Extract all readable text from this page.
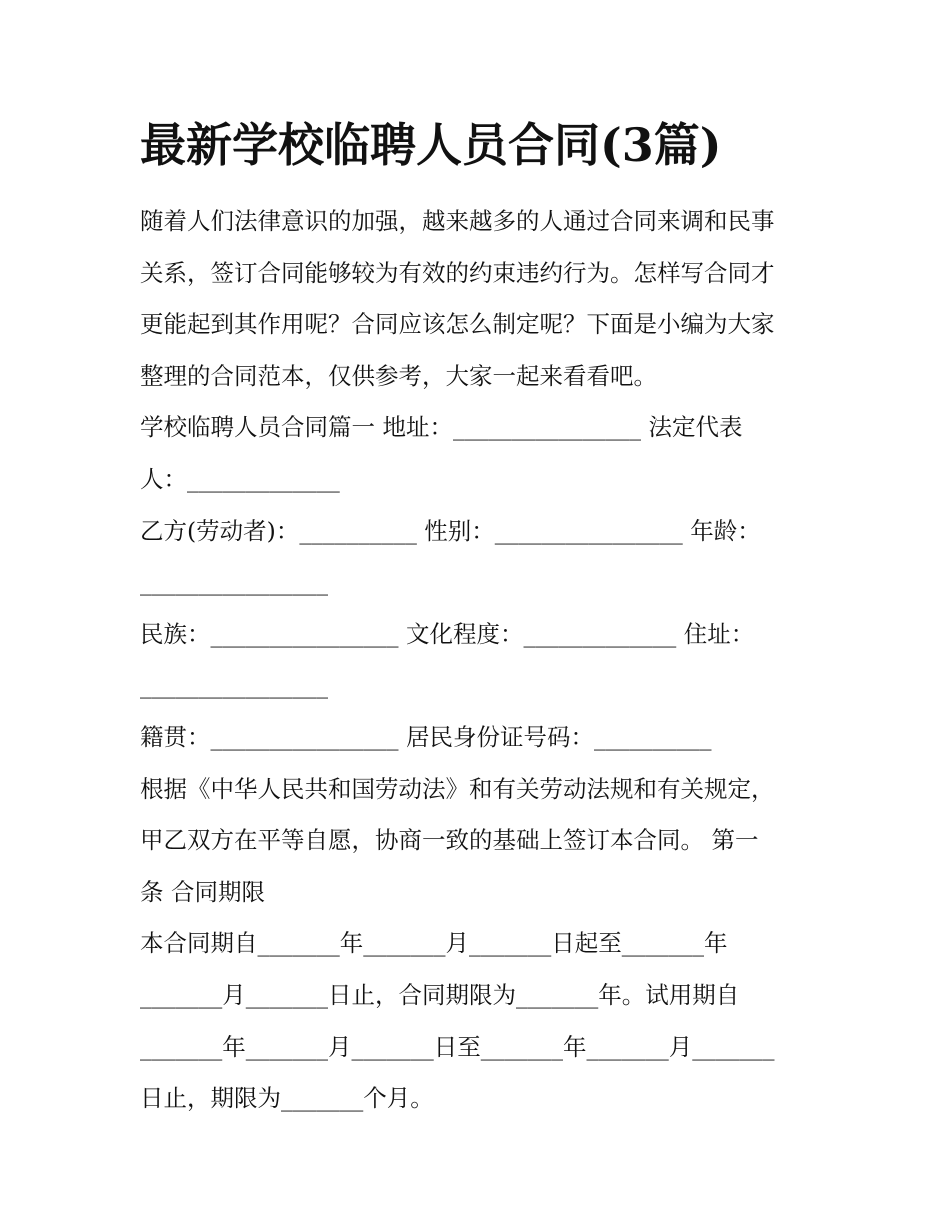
最新学校临聘人员合同(3篇)
随着人们法律意识的加强，越来越多的人通过合同来调和民事
关系，签订合同能够较为有效的约束违约行为。怎样写合同才
更能起到其作用呢？合同应该怎么制定呢？下面是小编为大家
整理的合同范本，仅供参考，大家一起来看看吧。
学校临聘人员合同篇一 地址：________________ 法定代表
人：_____________
乙方(劳动者)：__________ 性别：________________ 年龄：
________________
民族：________________ 文化程度：_____________ 住址：
________________
籍贯：________________ 居民身份证号码：__________
根据《中华人民共和国劳动法》和有关劳动法规和有关规定，
甲乙双方在平等自愿，协商一致的基础上签订本合同。 第一
条 合同期限
本合同期自_______年_______月_______日起至_______年
_______月_______日止，合同期限为_______年。试用期自
_______年_______月_______日至_______年_______月_______
日止，期限为_______个月。
